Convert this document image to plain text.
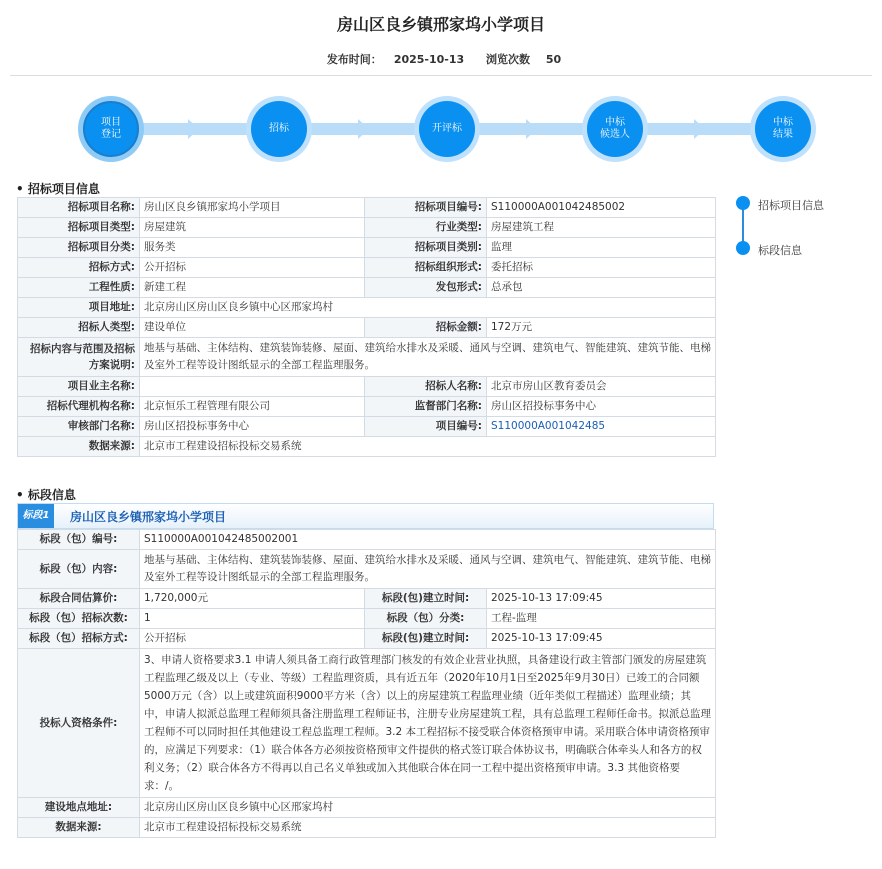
房山区良乡镇邢家坞小学项目
发布时间： 2025-10-13 浏览次数 50
项目
登记
招标	开评标
中标
候选人
中标
结果
• 招标项目信息
招标项目名称:	房山区良乡镇邢家坞小学项目	招标项目编号:	S110000A001042485002
招标项目类型:	房屋建筑	行业类型:	房屋建筑工程
招标项目分类:	服务类	招标项目类别:	监理
招标方式:	公开招标	招标组织形式:	委托招标
工程性质:	新建工程	发包形式:	总承包
项目地址:	北京房山区房山区良乡镇中心区邢家坞村		
招标人类型:	建设单位	招标金额:	172万元
招标内容与范围及招标方案说明:	地基与基础、主体结构、建筑装饰装修、屋面、建筑给水排水及采暖、通风与空调、建筑电气、智能建筑、建筑节能、电梯及室外工程等设计图纸显示的全部工程监理服务。		
项目业主名称:		招标人名称:	北京市房山区教育委员会
招标代理机构名称:	北京恒乐工程管理有限公司	监督部门名称:	房山区招投标事务中心
审核部门名称:	房山区招投标事务中心	项目编号:	S110000A001042485
数据来源:	北京市工程建设招标投标交易系统		
• 标段信息
标段1	房山区良乡镇邢家坞小学项目
标段（包）编号:	S110000A001042485002001		
标段（包）内容:	地基与基础、主体结构、建筑装饰装修、屋面、建筑给水排水及采暖、通风与空调、建筑电气、智能建筑、建筑节能、电梯及室外工程等设计图纸显示的全部工程监理服务。		
标段合同估算价:	1,720,000元	标段(包)建立时间:	2025-10-13 17:09:45
标段（包）招标次数:	1	标段（包）分类:	工程-监理
标段（包）招标方式:	公开招标	标段(包)建立时间:	2025-10-13 17:09:45
投标人资格条件:	3、申请人资格要求3.1 申请人须具备工商行政管理部门核发的有效企业营业执照，具备建设行政主管部门颁发的房屋建筑工程监理乙级及以上（专业、等级）工程监理资质，具有近五年（2020年10月1日至2025年9月30日）已竣工的合同额5000万元（含）以上或建筑面积9000平方米（含）以上的房屋建筑工程监理业绩（近年类似工程描述）监理业绩；其中，申请人拟派总监理工程师须具备注册监理工程师证书，注册专业房屋建筑工程，具有总监理工程师任命书。拟派总监理工程师不可以同时担任其他建设工程总监理工程师。3.2 本工程招标不接受联合体资格预审申请。采用联合体申请资格预审的，应满足下列要求：（1）联合体各方必须按资格预审文件提供的格式签订联合体协议书，明确联合体牵头人和各方的权利义务；（2）联合体各方不得再以自己名义单独或加入其他联合体在同一工程中提出资格预审申请。3.3 其他资格要求：/。		
建设地点地址:	北京房山区房山区良乡镇中心区邢家坞村		
数据来源:	北京市工程建设招标投标交易系统		
招标项目信息
标段信息
